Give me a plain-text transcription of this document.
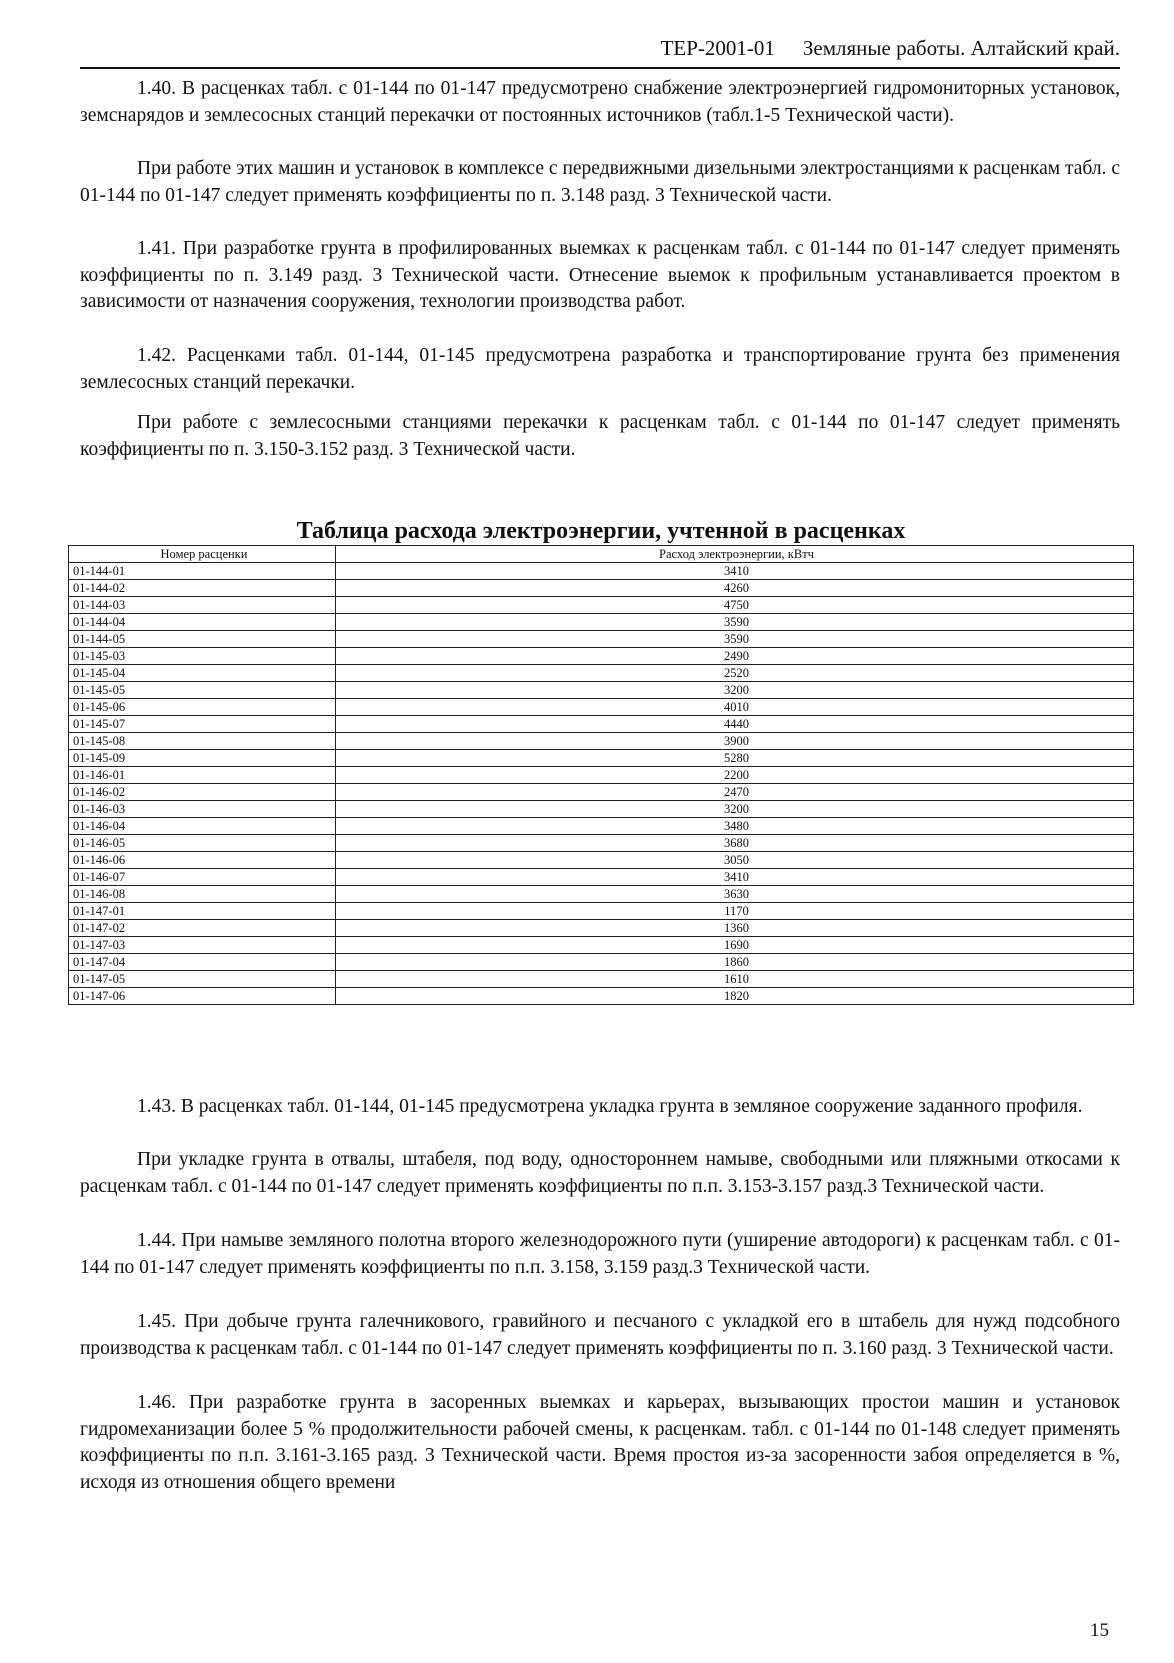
ТЕР-2001-01 Земляные работы. Алтайский край.

1.40. В расценках табл. с 01-144 по 01-147 предусмотрено снабжение электроэнергией гидромониторных установок, земснарядов и землесосных станций перекачки от постоянных источников (табл.1-5 Технической части).

При работе этих машин и установок в комплексе с передвижными дизельными электростанциями к расценкам табл. с 01-144 по 01-147 следует применять коэффициенты по п. 3.148 разд. 3 Технической части.

1.41. При разработке грунта в профилированных выемках к расценкам табл. с 01-144 по 01-147 следует применять коэффициенты по п. 3.149 разд. 3 Технической части. Отнесение выемок к профильным устанавливается проектом в зависимости от назначения сооружения, технологии производства работ.

1.42. Расценками табл. 01-144, 01-145 предусмотрена разработка и транспортирование грунта без применения землесосных станций перекачки.

При работе с землесосными станциями перекачки к расценкам табл. с 01-144 по 01-147 следует применять коэффициенты по п. 3.150-3.152 разд. 3 Технической части.

Таблица расхода электроэнергии, учтенной в расценках
Номер расценки	Расход электроэнергии, кВтч
01-144-01	3410
01-144-02	4260
01-144-03	4750
01-144-04	3590
01-144-05	3590
01-145-03	2490
01-145-04	2520
01-145-05	3200
01-145-06	4010
01-145-07	4440
01-145-08	3900
01-145-09	5280
01-146-01	2200
01-146-02	2470
01-146-03	3200
01-146-04	3480
01-146-05	3680
01-146-06	3050
01-146-07	3410
01-146-08	3630
01-147-01	1170
01-147-02	1360
01-147-03	1690
01-147-04	1860
01-147-05	1610
01-147-06	1820

1.43. В расценках табл. 01-144, 01-145 предусмотрена укладка грунта в земляное сооружение заданного профиля.

При укладке грунта в отвалы, штабеля, под воду, одностороннем намыве, свободными или пляжными откосами к расценкам табл. с 01-144 по 01-147 следует применять коэффициенты по п.п. 3.153-3.157 разд.3 Технической части.

1.44. При намыве земляного полотна второго железнодорожного пути (уширение автодороги) к расценкам табл. с 01-144 по 01-147 следует применять коэффициенты по п.п. 3.158, 3.159 разд.3 Технической части.

1.45. При добыче грунта галечникового, гравийного и песчаного с укладкой его в штабель для нужд подсобного производства к расценкам табл. с 01-144 по 01-147 следует применять коэффициенты по п. 3.160 разд. 3 Технической части.

1.46. При разработке грунта в засоренных выемках и карьерах, вызывающих простои машин и установок гидромеханизации более 5 % продолжительности рабочей смены, к расценкам. табл. с 01-144 по 01-148 следует применять коэффициенты по п.п. 3.161-3.165 разд. 3 Технической части. Время простоя из-за засоренности забоя определяется в %, исходя из отношения общего времени

15
